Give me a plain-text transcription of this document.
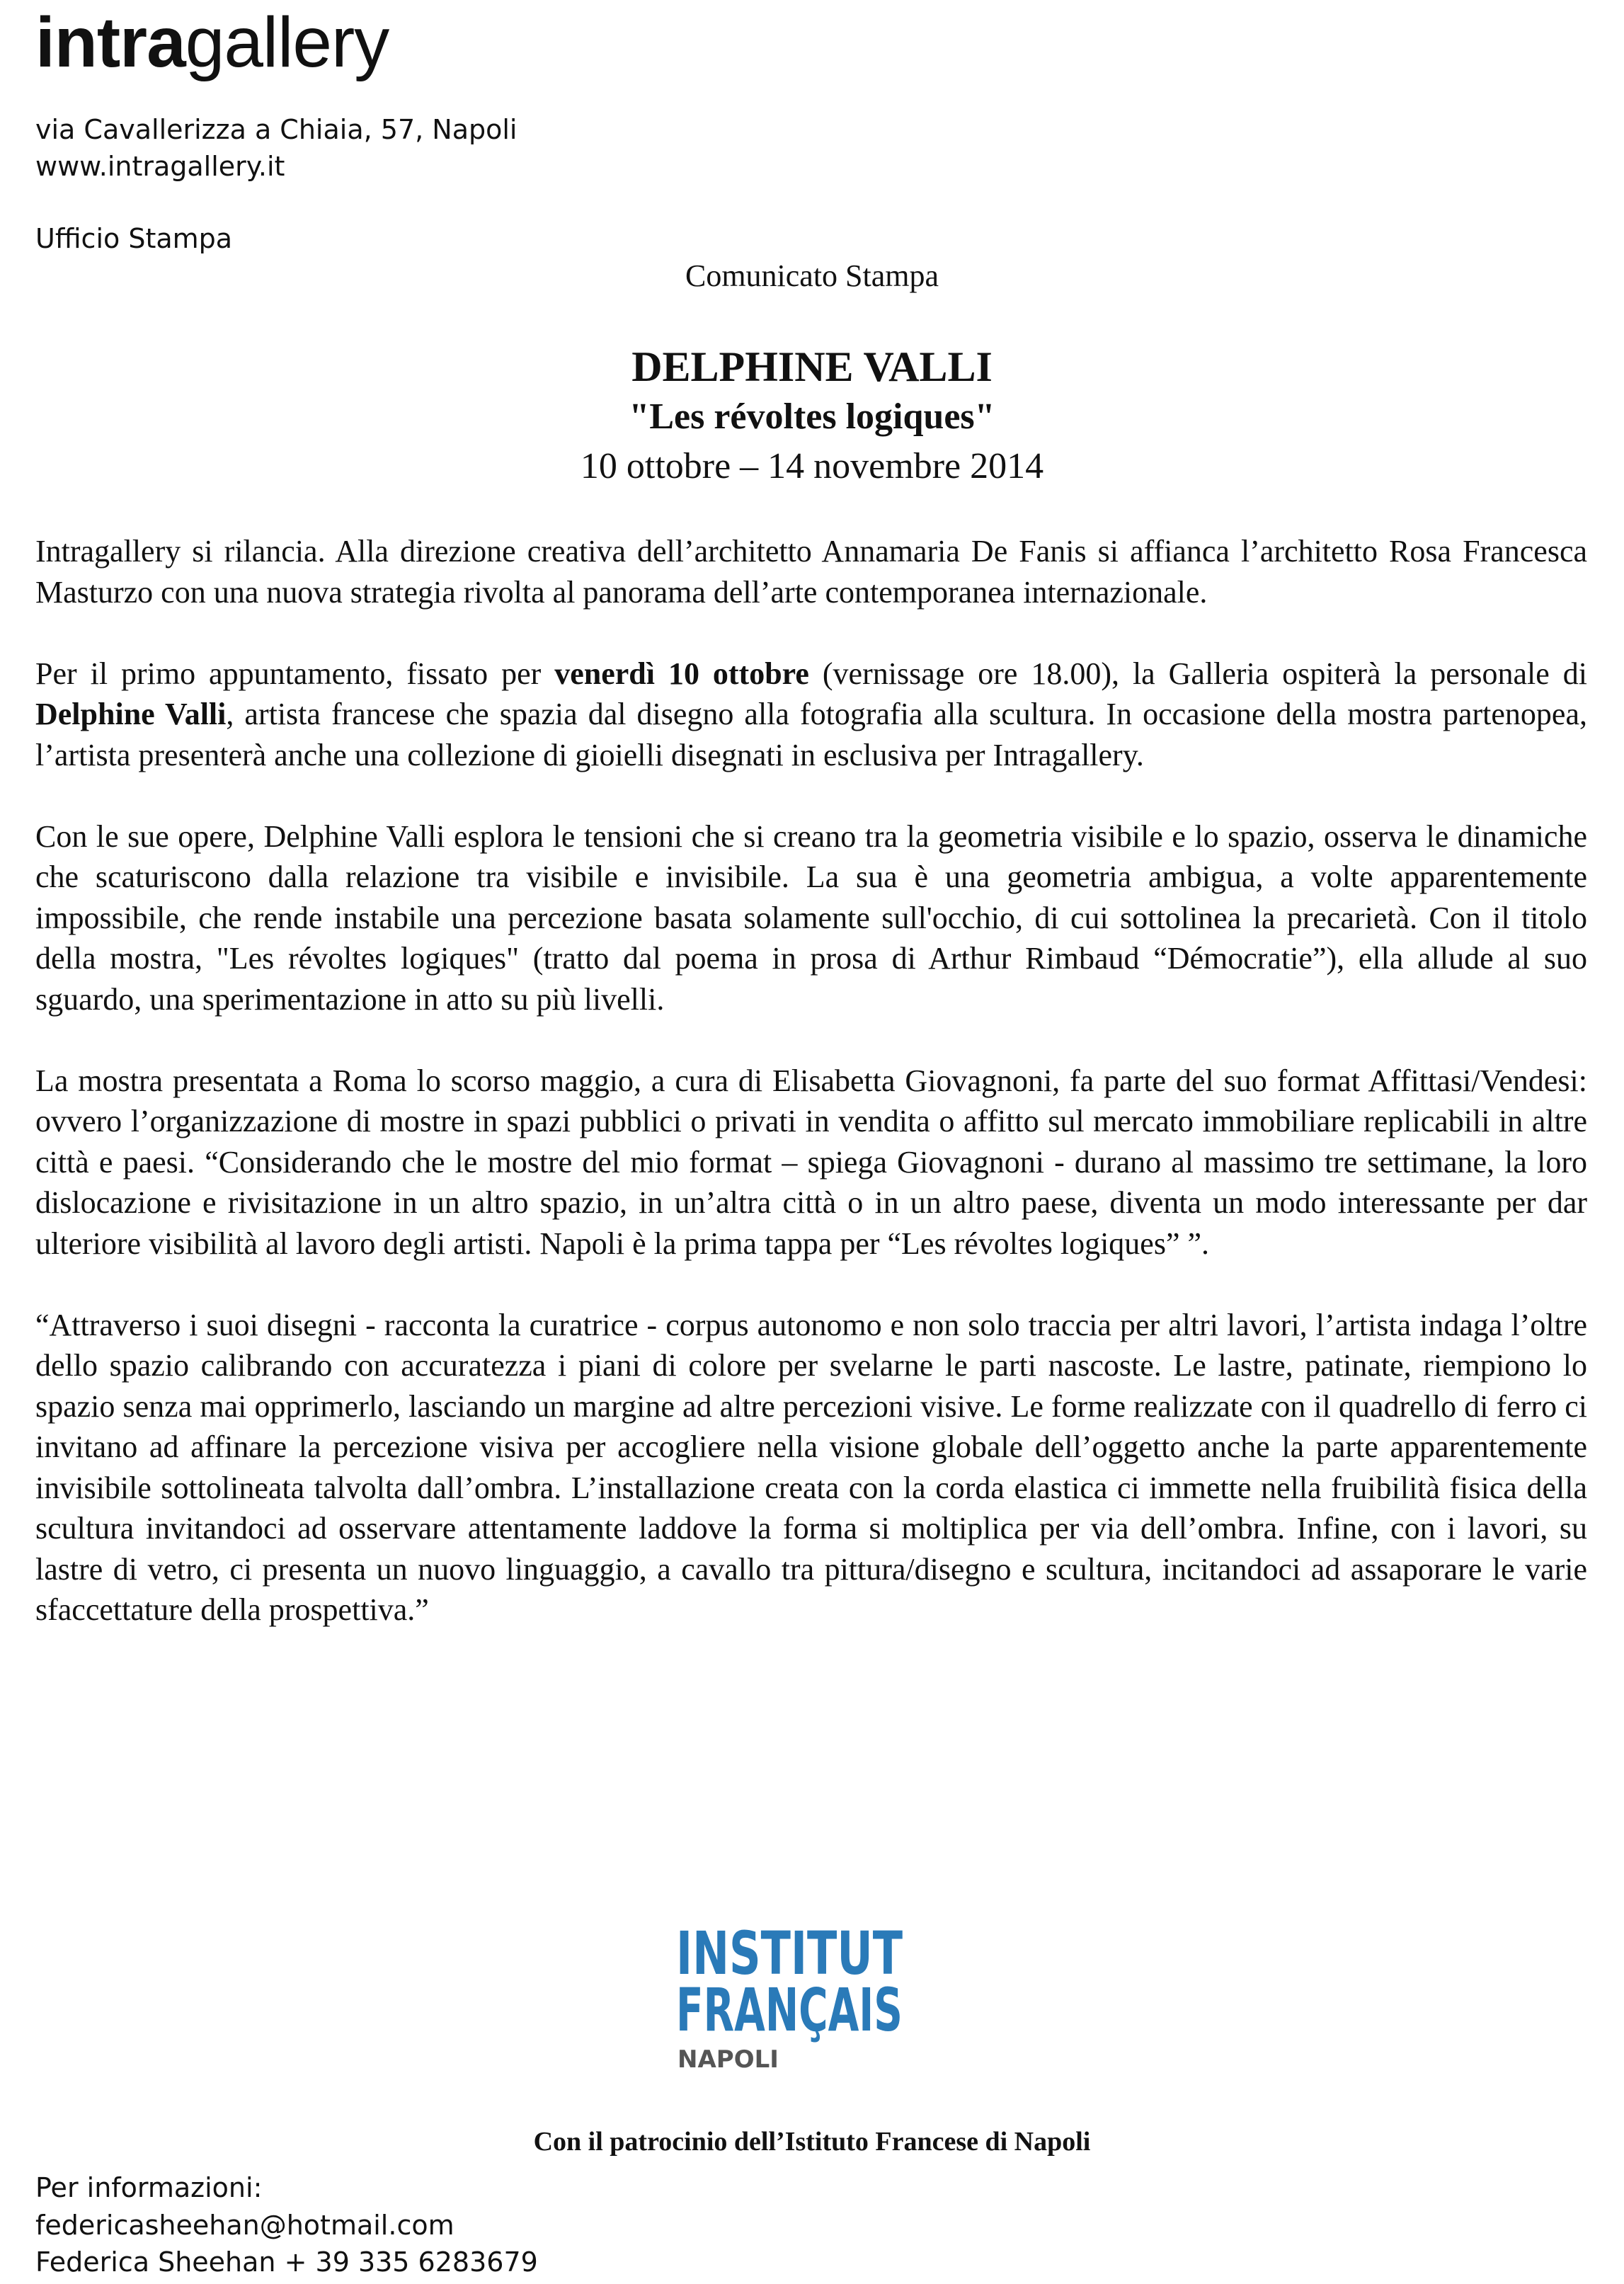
intragallery
via Cavallerizza a Chiaia, 57, Napoli
www.intragallery.it
Ufficio Stampa
Comunicato Stampa
DELPHINE VALLI
"Les révoltes logiques"
10 ottobre – 14 novembre 2014

Intragallery si rilancia. Alla direzione creativa dell’architetto Annamaria De Fanis si affianca l’architetto Rosa Francesca Masturzo con una nuova strategia rivolta al panorama dell’arte contemporanea internazionale.

Per il primo appuntamento, fissato per venerdì 10 ottobre (vernissage ore 18.00), la Galleria ospiterà la personale di Delphine Valli, artista francese che spazia dal disegno alla fotografia alla scultura. In occasione della mostra partenopea, l’artista presenterà anche una collezione di gioielli disegnati in esclusiva per Intragallery.

Con le sue opere, Delphine Valli esplora le tensioni che si creano tra la geometria visibile e lo spazio, osserva le dinamiche che scaturiscono dalla relazione tra visibile e invisibile. La sua è una geometria ambigua, a volte apparentemente impossibile, che rende instabile una percezione basata solamente sull'occhio, di cui sottolinea la precarietà. Con il titolo della mostra, "Les révoltes logiques" (tratto dal poema in prosa di Arthur Rimbaud “Démocratie”), ella allude al suo sguardo, una sperimentazione in atto su più livelli.

La mostra presentata a Roma lo scorso maggio, a cura di Elisabetta Giovagnoni, fa parte del suo format Affittasi/Vendesi: ovvero l’organizzazione di mostre in spazi pubblici o privati in vendita o affitto sul mercato immobiliare replicabili in altre città e paesi. “Considerando che le mostre del mio format – spiega Giovagnoni - durano al massimo tre settimane, la loro dislocazione e rivisitazione in un altro spazio, in un’altra città o in un altro paese, diventa un modo interessante per dar ulteriore visibilità al lavoro degli artisti. Napoli è la prima tappa per “Les révoltes logiques” ”.

“Attraverso i suoi disegni - racconta la curatrice - corpus autonomo e non solo traccia per altri lavori, l’artista indaga l’oltre dello spazio calibrando con accuratezza i piani di colore per svelarne le parti nascoste. Le lastre, patinate, riempiono lo spazio senza mai opprimerlo, lasciando un margine ad altre percezioni visive. Le forme realizzate con il quadrello di ferro ci invitano ad affinare la percezione visiva per accogliere nella visione globale dell’oggetto anche la parte apparentemente invisibile sottolineata talvolta dall’ombra. L’installazione creata con la corda elastica ci immette nella fruibilità fisica della scultura invitandoci ad osservare attentamente laddove la forma si moltiplica per via dell’ombra. Infine, con i lavori, su lastre di vetro, ci presenta un nuovo linguaggio, a cavallo tra pittura/disegno e scultura, incitandoci ad assaporare le varie sfaccettature della prospettiva.”

INSTITUT
FRANÇAIS
NAPOLI
Con il patrocinio dell’Istituto Francese di Napoli
Per informazioni:
federicasheehan@hotmail.com
Federica Sheehan + 39 335 6283679
